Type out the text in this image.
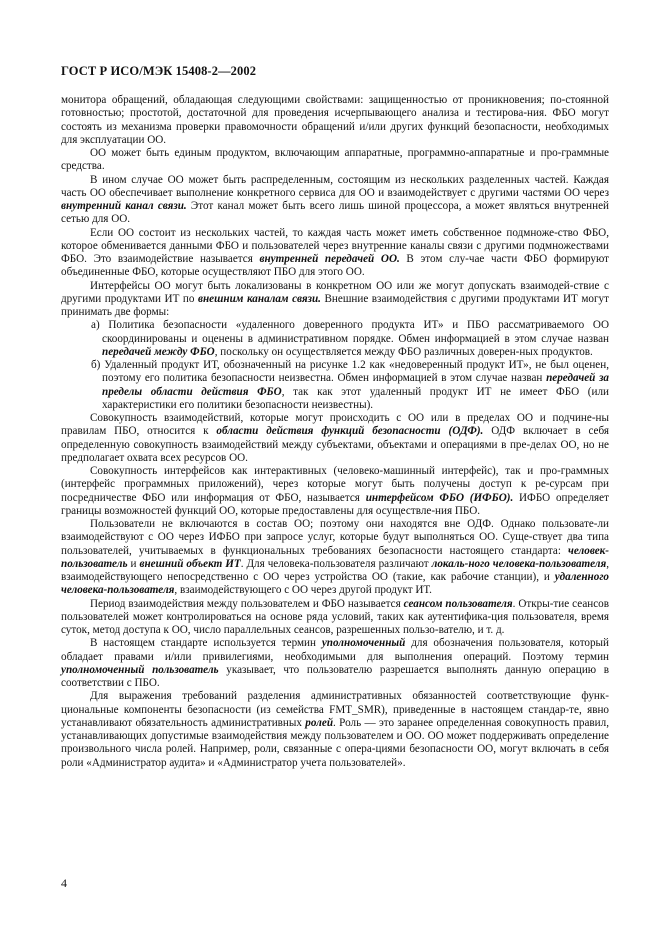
ГОСТ Р ИСО/МЭК 15408-2—2002

монитора обращений, обладающая следующими свойствами: защищенностью от проникновения; по-стоянной готовностью; простотой, достаточной для проведения исчерпывающего анализа и тестирова-ния. ФБО могут состоять из механизма проверки правомочности обращений и/или других функций безопасности, необходимых для эксплуатации ОО.

ОО может быть единым продуктом, включающим аппаратные, программно-аппаратные и про-граммные средства.

В ином случае ОО может быть распределенным, состоящим из нескольких разделенных частей. Каждая часть ОО обеспечивает выполнение конкретного сервиса для ОО и взаимодействует с другими частями ОО через внутренний канал связи. Этот канал может быть всего лишь шиной процессора, а может являться внутренней сетью для ОО.

Если ОО состоит из нескольких частей, то каждая часть может иметь собственное подмноже-ство ФБО, которое обменивается данными ФБО и пользователей через внутренние каналы связи с другими подмножествами ФБО. Это взаимодействие называется внутренней передачей ОО. В этом слу-чае части ФБО формируют объединенные ФБО, которые осуществляют ПБО для этого ОО.

Интерфейсы ОО могут быть локализованы в конкретном ОО или же могут допускать взаимодей-ствие с другими продуктами ИТ по внешним каналам связи. Внешние взаимодействия с другими продуктами ИТ могут принимать две формы:

а) Политика безопасности «удаленного доверенного продукта ИТ» и ПБО рассматриваемого ОО скоординированы и оценены в административном порядке. Обмен информацией в этом случае назван передачей между ФБО, поскольку он осуществляется между ФБО различных доверен-ных продуктов.

б) Удаленный продукт ИТ, обозначенный на рисунке 1.2 как «недоверенный продукт ИТ», не был оценен, поэтому его политика безопасности неизвестна. Обмен информацией в этом случае назван передачей за пределы области действия ФБО, так как этот удаленный продукт ИТ не имеет ФБО (или характеристики его политики безопасности неизвестны).

Совокупность взаимодействий, которые могут происходить с ОО или в пределах ОО и подчине-ны правилам ПБО, относится к области действия функций безопасности (ОДФ). ОДФ включает в себя определенную совокупность взаимодействий между субъектами, объектами и операциями в пре-делах ОО, но не предполагает охвата всех ресурсов ОО.

Совокупность интерфейсов как интерактивных (человеко-машинный интерфейс), так и про-граммных (интерфейс программных приложений), через которые могут быть получены доступ к ре-сурсам при посредничестве ФБО или информация от ФБО, называется интерфейсом ФБО (ИФБО). ИФБО определяет границы возможностей функций ОО, которые предоставлены для осуществле-ния ПБО.

Пользователи не включаются в состав ОО; поэтому они находятся вне ОДФ. Однако пользовате-ли взаимодействуют с ОО через ИФБО при запросе услуг, которые будут выполняться ОО. Суще-ствует два типа пользователей, учитываемых в функциональных требованиях безопасности настоящего стандарта: человек-пользователь и внешний объект ИТ. Для человека-пользователя различают локаль-ного человека-пользователя, взаимодействующего непосредственно с ОО через устройства ОО (такие, как рабочие станции), и удаленного человека-пользователя, взаимодействующего с ОО через другой продукт ИТ.

Период взаимодействия между пользователем и ФБО называется сеансом пользователя. Откры-тие сеансов пользователей может контролироваться на основе ряда условий, таких как аутентифика-ция пользователя, время суток, метод доступа к ОО, число параллельных сеансов, разрешенных пользо-вателю, и т. д.

В настоящем стандарте используется термин уполномоченный для обозначения пользователя, который обладает правами и/или привилегиями, необходимыми для выполнения операций. Поэтому термин уполномоченный пользователь указывает, что пользователю разрешается выполнять данную операцию в соответствии с ПБО.

Для выражения требований разделения административных обязанностей соответствующие функ-циональные компоненты безопасности (из семейства FMT_SMR), приведенные в настоящем стандар-те, явно устанавливают обязательность административных ролей. Роль — это заранее определенная совокупность правил, устанавливающих допустимые взаимодействия между пользователем и ОО. ОО может поддерживать определение произвольного числа ролей. Например, роли, связанные с опера-циями безопасности ОО, могут включать в себя роли «Администратор аудита» и «Администратор учета пользователей».

4
